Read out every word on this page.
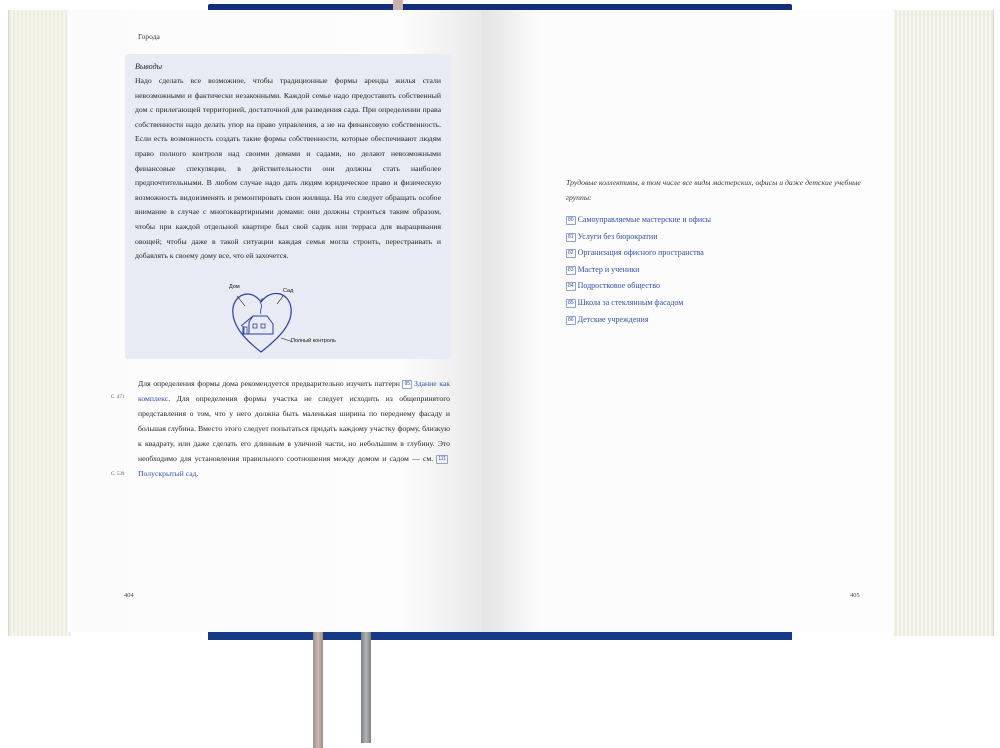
Города
Выводы
Надо сделать все возможное, чтобы традиционные формы аренды жилья стали невозможными и фактически незаконными. Каждой семье надо предоставить собственный дом с прилегающей территорией, достаточной для разведения сада. При определении права собственности надо делать упор на право управления, а не на финансовую собственность. Если есть возможность создать такие формы собственности, которые обеспечивают людям право полного контроля над своими домами и садами, но делают невозможными финансовые спекуляции, в действительности они должны стать наиболее предпочтительными. В любом случае надо дать людям юридическое право и физическую возможность видоизменять и ремонтировать свои жилища. На это следует обращать особое внимание в случае с многоквартирными домами: они должны строиться таким образом, чтобы при каждой отдельной квартире был свой садик или терраса для выращивания овощей; чтобы даже в такой ситуации каждая семья могла строить, перестраивать и добавлять к своему дому все, что ей захочется.
Дом
Сад
Полный контроль
Для определения формы дома рекомендуется предварительно изучить паттерн 95 Здание как комплекс. Для определения формы участка не следует исходить из общепринятого представления о том, что у него должна быть маленькая ширина по переднему фасаду и большая глубина. Вместо этого следует попытаться придать каждому участку форму, близкую к квадрату, или даже сделать его длинным в уличной части, но небольшим в глубину. Это необходимо для установления правильного соотношения между домом и садом — см. 111Полускрытый сад.
С. 471
С. 539
404
Трудовые коллективы, в том числе все виды мастерских, офисы и даже детские учебные группы:
80 Самоуправляемые мастерские и офисы
81 Услуги без бюрократии
82 Организация офисного пространства
83 Мастер и ученики
84 Подростковое общество
85 Школа за стеклянным фасадом
86 Детские учреждения
405
